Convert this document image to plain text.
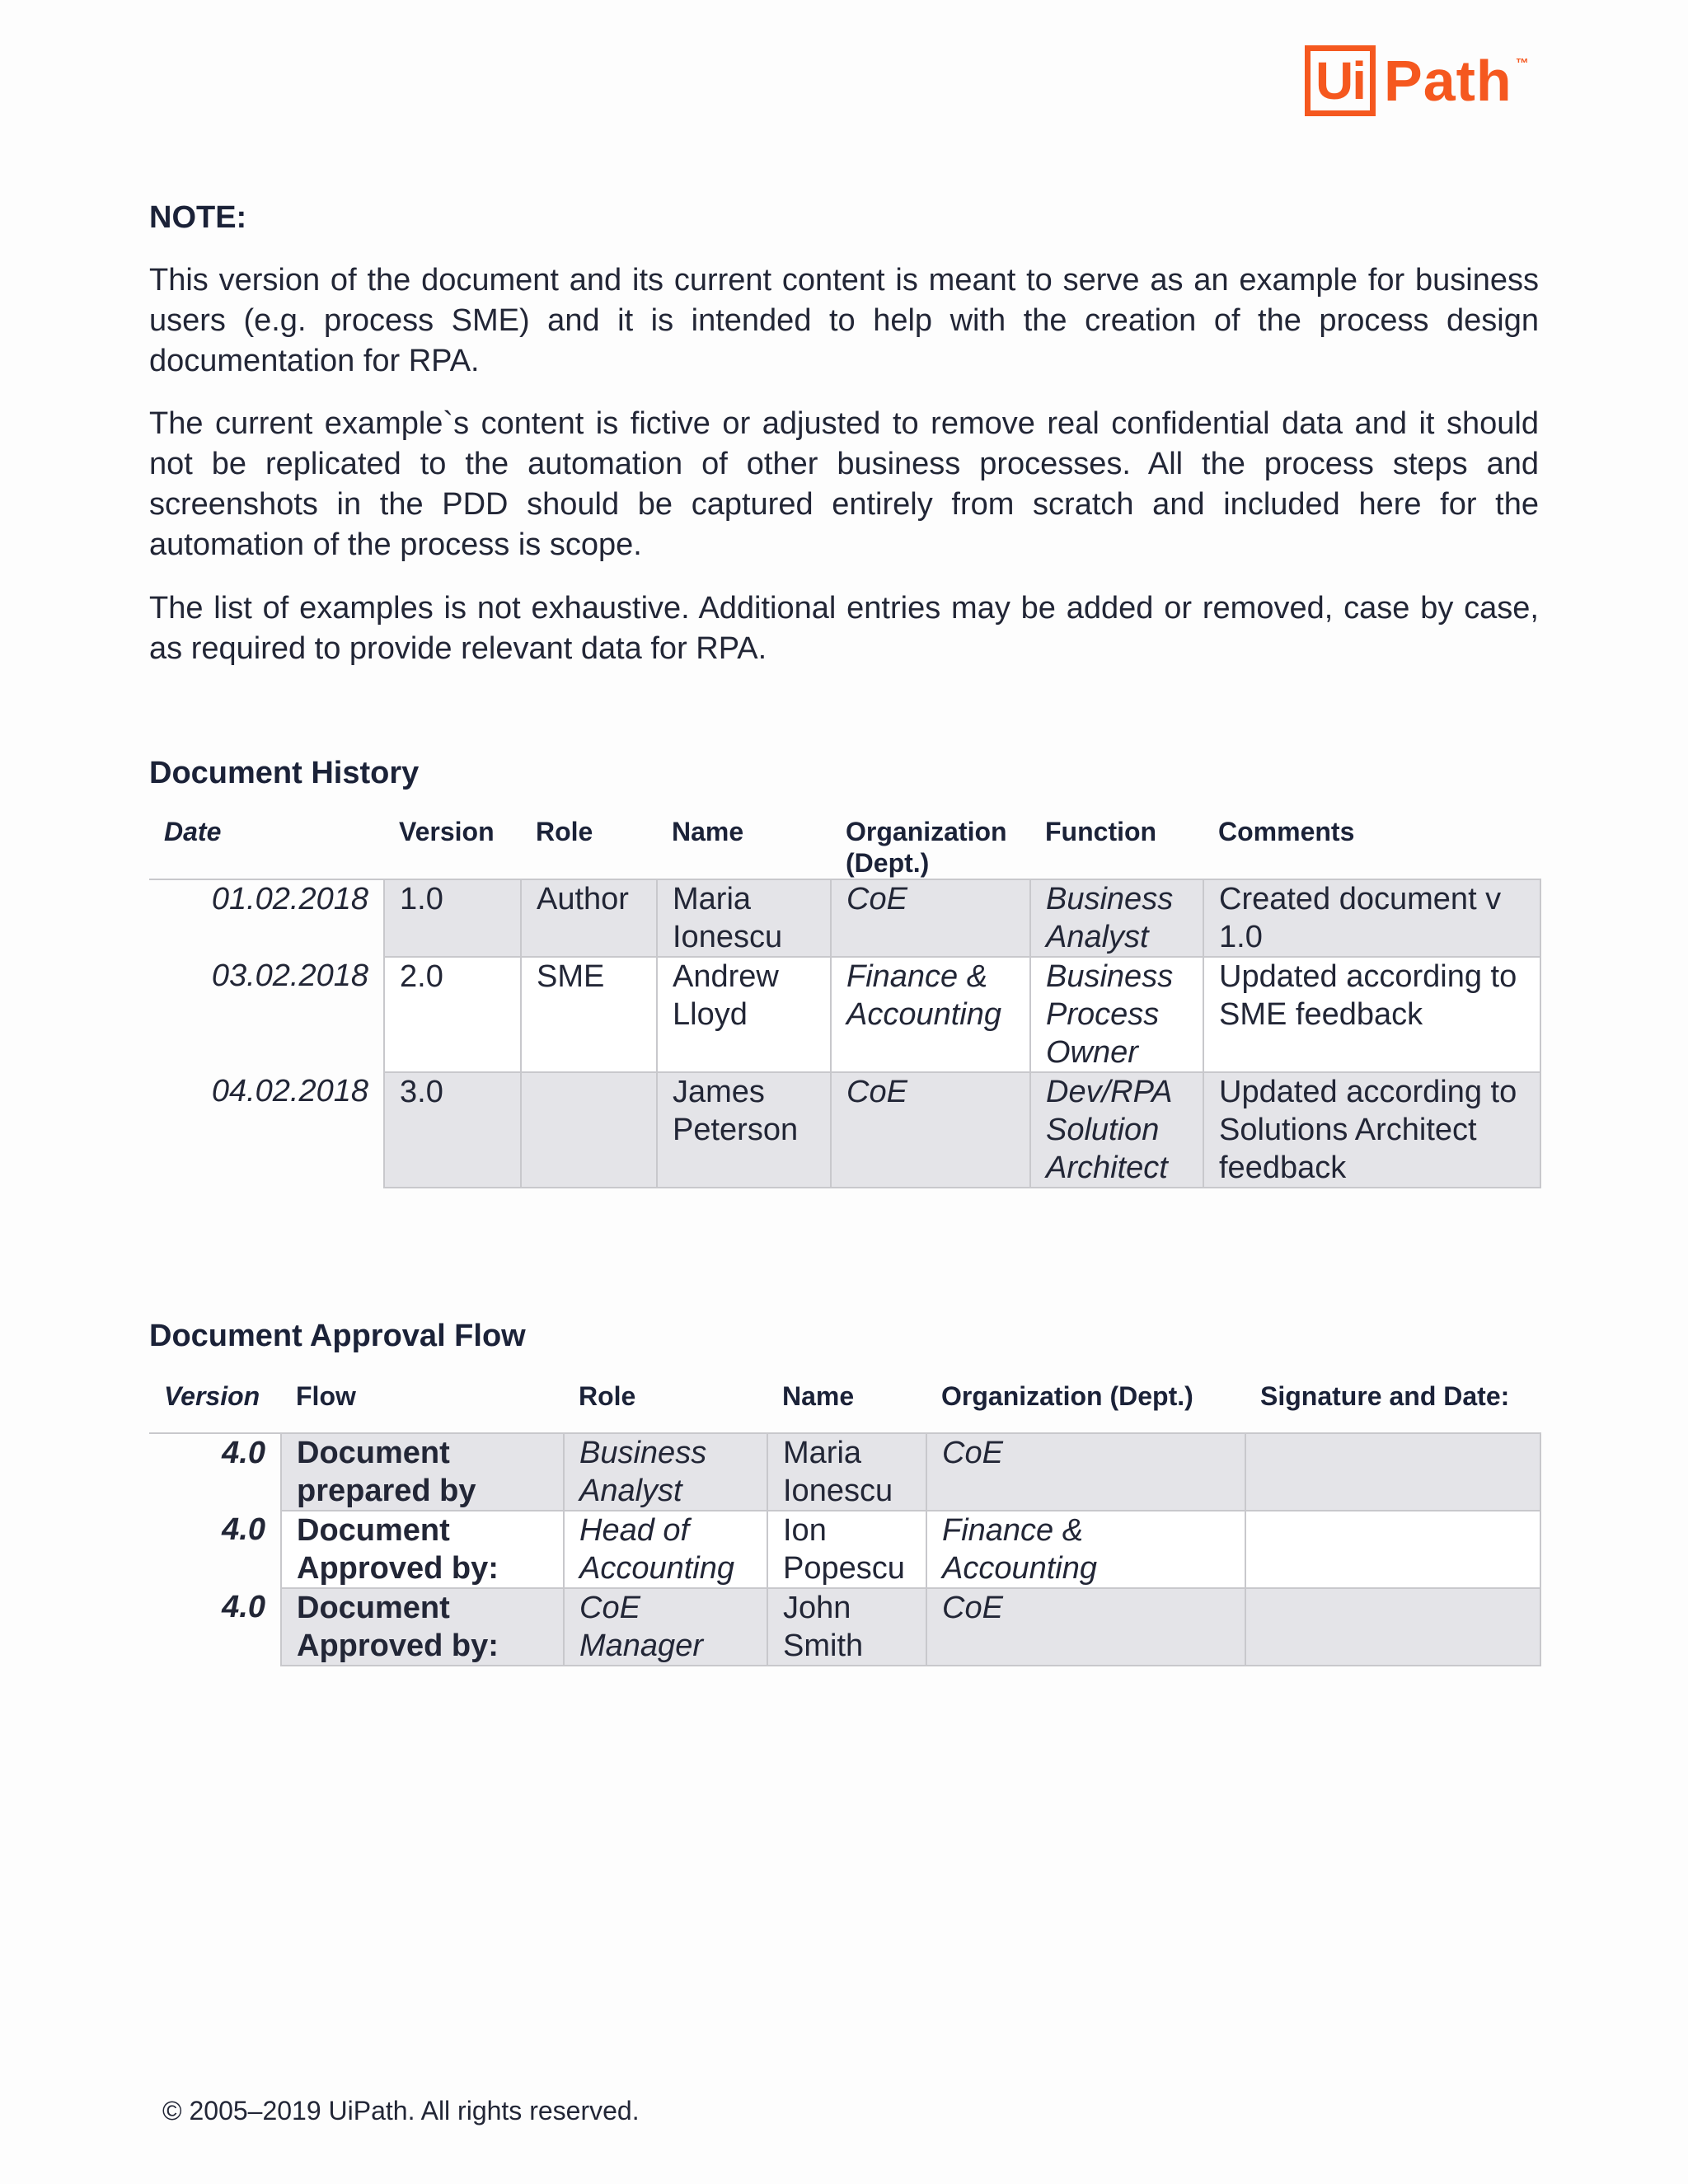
Ui Path ™
NOTE:

This version of the document and its current content is meant to serve as an example for business users (e.g. process SME) and it is intended to help with the creation of the process design documentation for RPA.

The current example`s content is fictive or adjusted to remove real confidential data and it should not be replicated to the automation of other business processes. All the process steps and screenshots in the PDD should be captured entirely from scratch and included here for the automation of the process is scope.

The list of examples is not exhaustive. Additional entries may be added or removed, case by case, as required to provide relevant data for RPA.

Document History
Date	Version	Role	Name	Organization (Dept.)	Function	Comments
01.02.2018	1.0	Author	Maria Ionescu	CoE	Business Analyst	Created document v 1.0
03.02.2018	2.0	SME	Andrew Lloyd	Finance & Accounting	Business Process Owner	Updated according to SME feedback
04.02.2018	3.0		James Peterson	CoE	Dev/RPA Solution Architect	Updated according to Solutions Architect feedback
Document Approval Flow
Version	Flow	Role	Name	Organization (Dept.)	Signature and Date:
4.0	Document prepared by	Business Analyst	Maria Ionescu	CoE	
4.0	Document Approved by:	Head of Accounting	Ion Popescu	Finance & Accounting	
4.0	Document Approved by:	CoE Manager	John Smith	CoE	
© 2005–2019 UiPath. All rights reserved.
